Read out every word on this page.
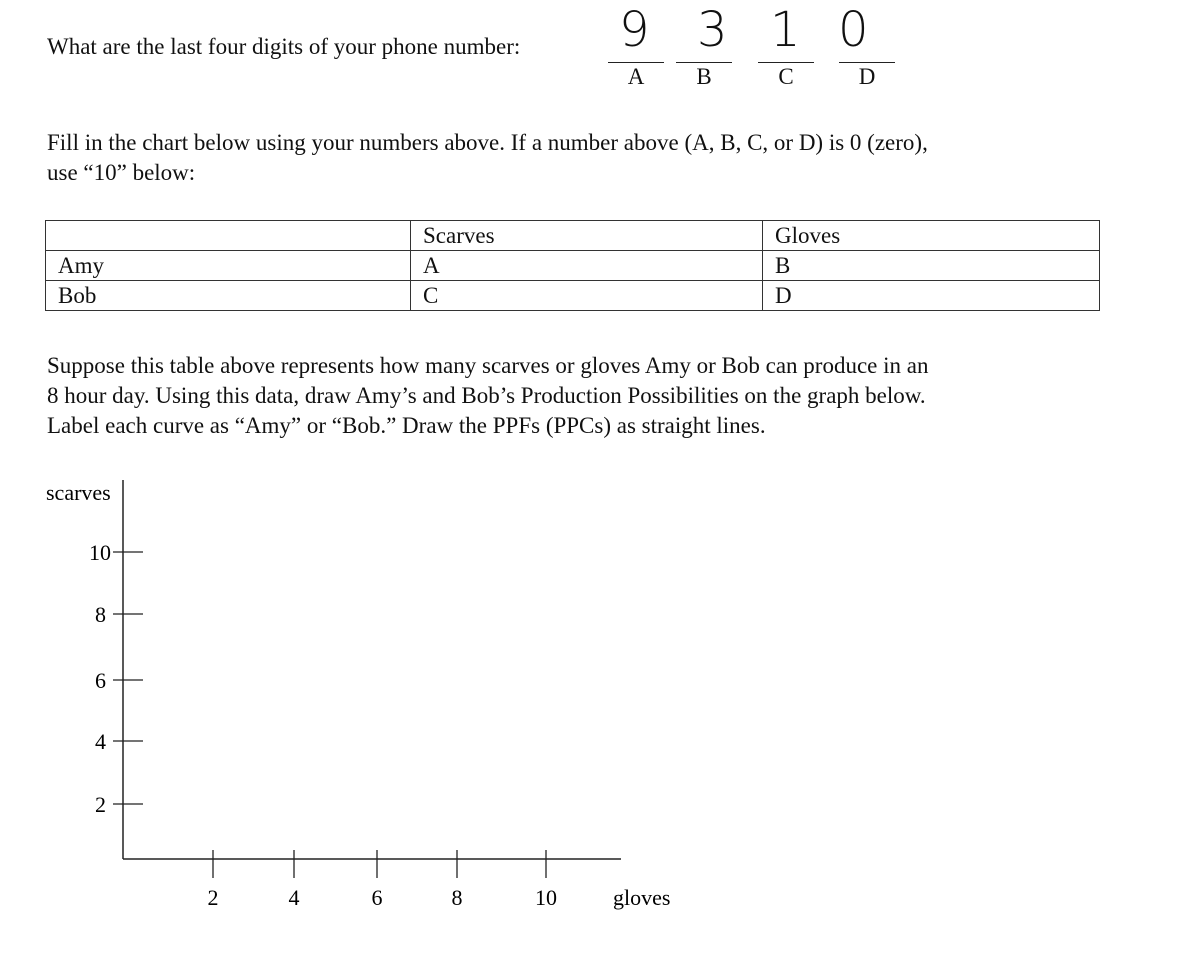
What are the last four digits of your phone number: 9 3 1 0
A	B	C	D
Fill in the chart below using your numbers above. If a number above (A, B, C, or D) is 0 (zero),
use “10” below:
	Scarves	Gloves
Amy	A	B
Bob	C	D
Suppose this table above represents how many scarves or gloves Amy or Bob can produce in an
8 hour day. Using this data, draw Amy’s and Bob’s Production Possibilities on the graph below.
Label each curve as “Amy” or “Bob.” Draw the PPFs (PPCs) as straight lines.
scarves
gloves
10
8
6
4
2
2	4	6	8	10
